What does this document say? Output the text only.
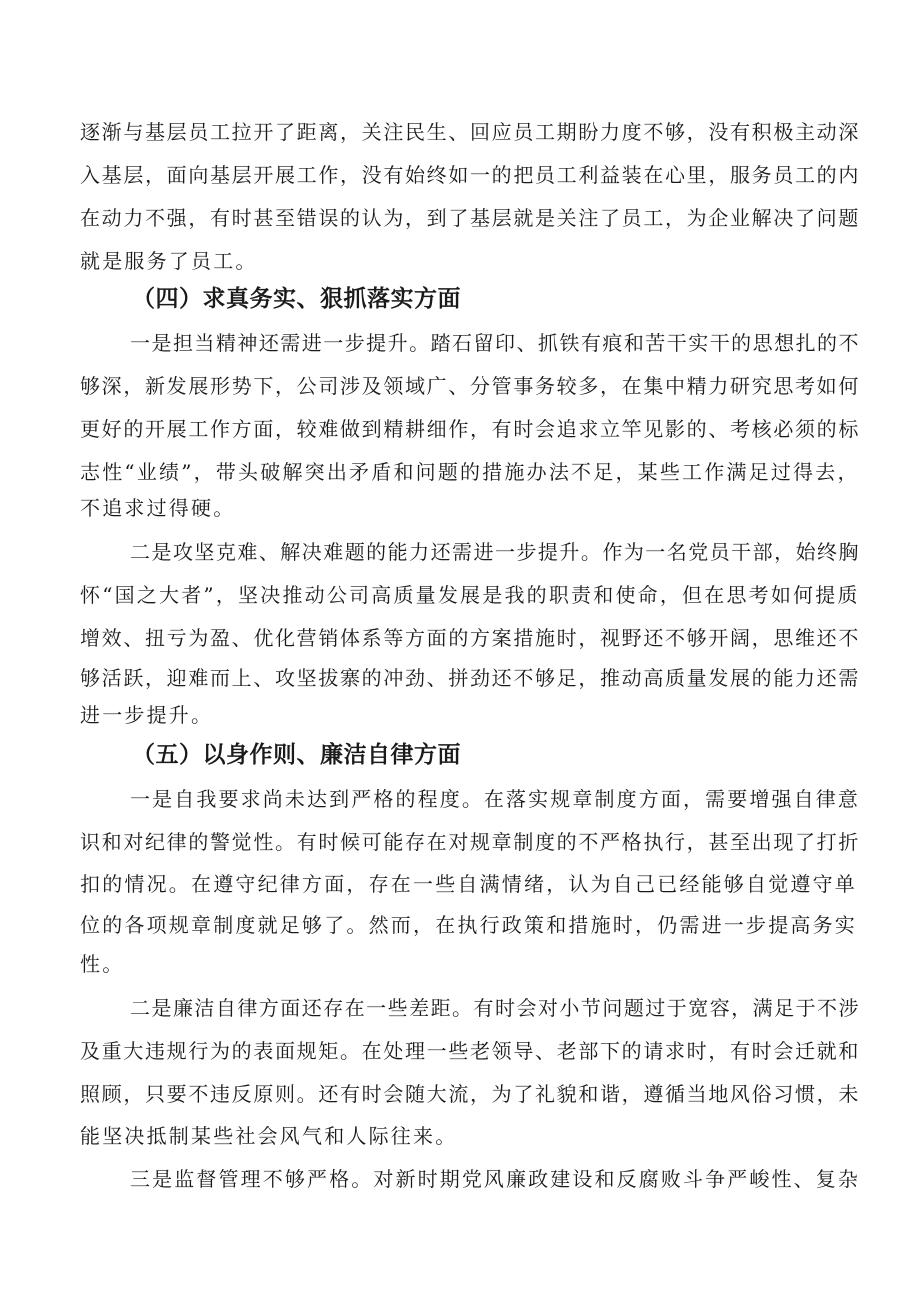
逐渐与基层员工拉开了距离，关注民生、回应员工期盼力度不够，没有积极主动深
入基层，面向基层开展工作，没有始终如一的把员工利益装在心里，服务员工的内
在动力不强，有时甚至错误的认为，到了基层就是关注了员工，为企业解决了问题
就是服务了员工。
（四）求真务实、狠抓落实方面
一是担当精神还需进一步提升。踏石留印、抓铁有痕和苦干实干的思想扎的不
够深，新发展形势下，公司涉及领域广、分管事务较多，在集中精力研究思考如何
更好的开展工作方面，较难做到精耕细作，有时会追求立竿见影的、考核必须的标
志性“业绩”，带头破解突出矛盾和问题的措施办法不足，某些工作满足过得去，
不追求过得硬。
二是攻坚克难、解决难题的能力还需进一步提升。作为一名党员干部，始终胸
怀“国之大者”，坚决推动公司高质量发展是我的职责和使命，但在思考如何提质
增效、扭亏为盈、优化营销体系等方面的方案措施时，视野还不够开阔，思维还不
够活跃，迎难而上、攻坚拔寨的冲劲、拼劲还不够足，推动高质量发展的能力还需
进一步提升。
（五）以身作则、廉洁自律方面
一是自我要求尚未达到严格的程度。在落实规章制度方面，需要增强自律意
识和对纪律的警觉性。有时候可能存在对规章制度的不严格执行，甚至出现了打折
扣的情况。在遵守纪律方面，存在一些自满情绪，认为自己已经能够自觉遵守单
位的各项规章制度就足够了。然而，在执行政策和措施时，仍需进一步提高务实
性。
二是廉洁自律方面还存在一些差距。有时会对小节问题过于宽容，满足于不涉
及重大违规行为的表面规矩。在处理一些老领导、老部下的请求时，有时会迁就和
照顾，只要不违反原则。还有时会随大流，为了礼貌和谐，遵循当地风俗习惯，未
能坚决抵制某些社会风气和人际往来。
三是监督管理不够严格。对新时期党风廉政建设和反腐败斗争严峻性、复杂
